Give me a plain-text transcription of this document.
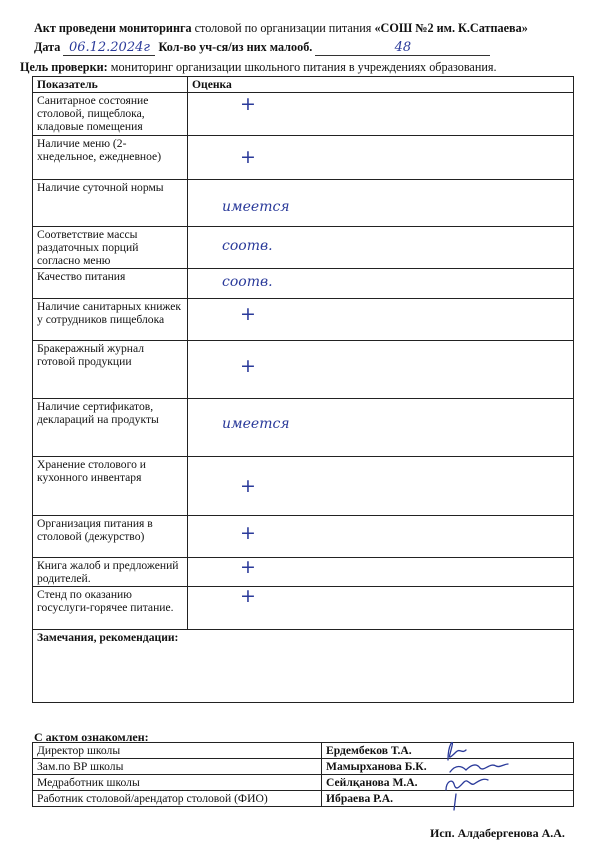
Акт проведени мониторинга столовой по организации питания «СОШ №2 им. К.Сатпаева»
Дата 06.12.2024г Кол-во уч-ся/из них малооб.	48
Цель проверки: мониторинг организации школьного питания в учреждениях образования.
Показатель	Оценка
Санитарное состояние столовой, пищеблока, кладовые помещения	+
Наличие меню (2-хнедельное, ежедневное)	+
Наличие суточной нормы	имеется
Соответствие массы раздаточных порций согласно меню	соотв.
Качество питания	соотв.
Наличие санитарных книжек у сотрудников пищеблока	+
Бракеражный журнал готовой продукции	+
Наличие сертификатов, деклараций на продукты	имеется
Хранение столового и кухонного инвентаря	+
Организация питания в столовой (дежурство)	+
Книга жалоб и предложений родителей.	+
Стенд по оказанию госуслуги-горячее питание.	+
Замечания, рекомендации:	
С актом ознакомлен:
Директор школы	Ердембеков Т.А.
Зам.по ВР школы	Мамырханова Б.К.
Медработник школы	Сейлқанова М.А.
Работник столовой/арендатор столовой (ФИО)	Ибраева Р.А.
Исп. Алдабергенова А.А.
